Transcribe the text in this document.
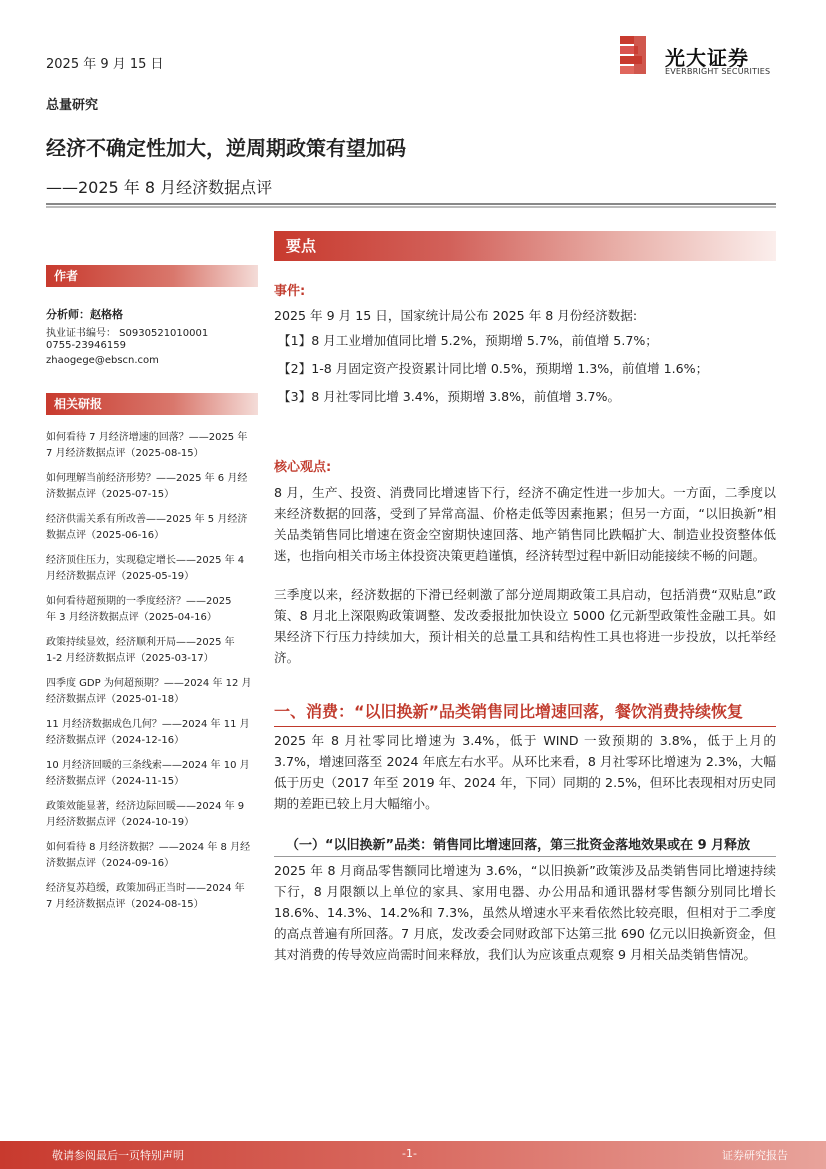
2025 年 9 月 15 日
总量研究
经济不确定性加大，逆周期政策有望加码
——2025 年 8 月经济数据点评
光大证券
EVERBRIGHT SECURITIES
作者
分析师：赵格格
执业证书编号： S0930521010001
0755-23946159
zhaogege@ebscn.com
相关研报
如何看待 7 月经济增速的回落？——2025 年
7 月经济数据点评（2025-08-15）
如何理解当前经济形势？——2025 年 6 月经
济数据点评（2025-07-15）
经济供需关系有所改善——2025 年 5 月经济
数据点评（2025-06-16）
经济顶住压力，实现稳定增长——2025 年 4
月经济数据点评（2025-05-19）
如何看待超预期的一季度经济？——2025
年 3 月经济数据点评（2025-04-16）
政策持续显效，经济顺利开局——2025 年
1-2 月经济数据点评（2025-03-17）
四季度 GDP 为何超预期？——2024 年 12 月
经济数据点评（2025-01-18）
11 月经济数据成色几何？——2024 年 11 月
经济数据点评（2024-12-16）
10 月经济回暖的三条线索——2024 年 10 月
经济数据点评（2024-11-15）
政策效能显著，经济边际回暖——2024 年 9
月经济数据点评（2024-10-19）
如何看待 8 月经济数据？——2024 年 8 月经
济数据点评（2024-09-16）
经济复苏趋缓，政策加码正当时——2024 年
7 月经济数据点评（2024-08-15）
要点
事件:
2025 年 9 月 15 日，国家统计局公布 2025 年 8 月份经济数据:
【1】8 月工业增加值同比增 5.2%，预期增 5.7%，前值增 5.7%；
【2】1-8 月固定资产投资累计同比增 0.5%，预期增 1.3%，前值增 1.6%；
【3】8 月社零同比增 3.4%，预期增 3.8%，前值增 3.7%。
核心观点:
8 月，生产、投资、消费同比增速皆下行，经济不确定性进一步加大。一方面，二季度以来经济数据的回落，受到了异常高温、价格走低等因素拖累；但另一方面，“以旧换新”相关品类销售同比增速在资金空窗期快速回落、地产销售同比跌幅扩大、制造业投资整体低迷，也指向相关市场主体投资决策更趋谨慎，经济转型过程中新旧动能接续不畅的问题。
三季度以来，经济数据的下滑已经刺激了部分逆周期政策工具启动，包括消费“双贴息”政策、8 月北上深限购政策调整、发改委报批加快设立 5000 亿元新型政策性金融工具。如果经济下行压力持续加大，预计相关的总量工具和结构性工具也将进一步投放，以托举经济。
一、消费：“以旧换新”品类销售同比增速回落，餐饮消费持续恢复
2025 年 8 月社零同比增速为 3.4%，低于 WIND 一致预期的 3.8%，低于上月的 3.7%，增速回落至 2024 年底左右水平。从环比来看，8 月社零环比增速为 2.3%，大幅低于历史（2017 年至 2019 年、2024 年，下同）同期的 2.5%，但环比表现相对历史同期的差距已较上月大幅缩小。
（一）“以旧换新”品类：销售同比增速回落，第三批资金落地效果或在 9 月释放
2025 年 8 月商品零售额同比增速为 3.6%，“以旧换新”政策涉及品类销售同比增速持续下行，8 月限额以上单位的家具、家用电器、办公用品和通讯器材零售额分别同比增长 18.6%、14.3%、14.2%和 7.3%，虽然从增速水平来看依然比较亮眼，但相对于二季度的高点普遍有所回落。7 月底，发改委会同财政部下达第三批 690 亿元以旧换新资金，但其对消费的传导效应尚需时间来释放，我们认为应该重点观察 9 月相关品类销售情况。
敬请参阅最后一页特别声明	-1-	证券研究报告
